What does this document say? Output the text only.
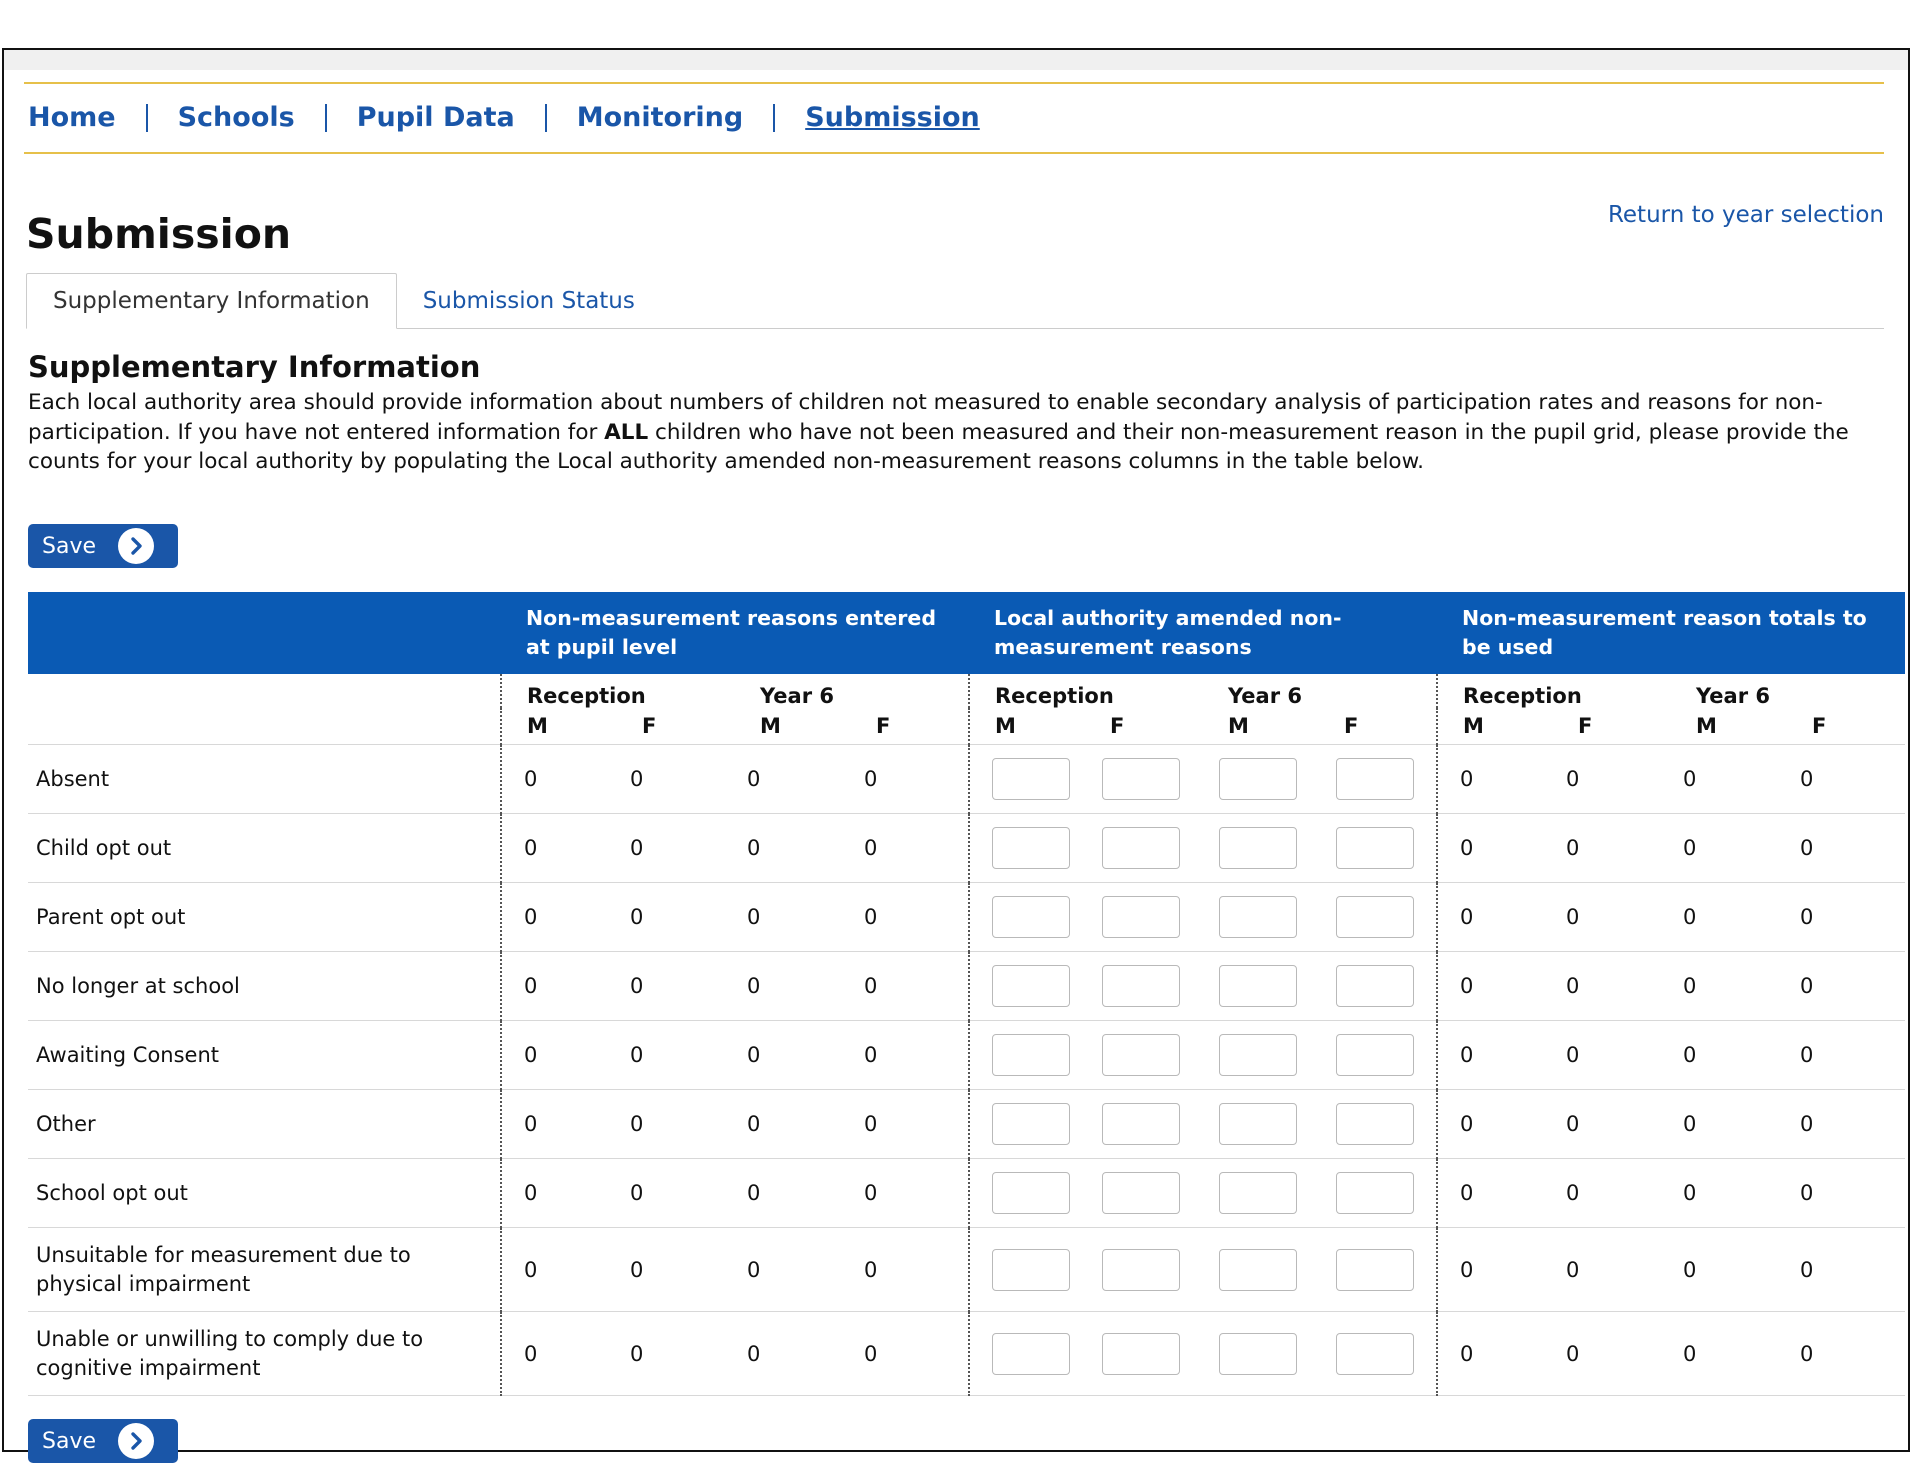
Home	Schools	Pupil Data	Monitoring	Submission
Return to year selection
Submission
Supplementary Information	Submission Status
Supplementary Information

Each local authority area should provide information about numbers of children not measured to enable secondary analysis of participation rates and reasons for non-participation. If you have not entered information for ALL children who have not been measured and their non-measurement reason in the pupil grid, please provide the counts for your local authority by populating the Local authority amended non-measurement reasons columns in the table below.

Save
	Non-measurement reasons entered at pupil level				Local authority amended non-measurement reasons				Non-measurement reason totals to be used			
	Reception		Year 6		Reception		Year 6		Reception		Year 6	
	M	F	M	F	M	F	M	F	M	F	M	F
Absent	0	0	0	0					0	0	0	0
Child opt out	0	0	0	0					0	0	0	0
Parent opt out	0	0	0	0					0	0	0	0
No longer at school	0	0	0	0					0	0	0	0
Awaiting Consent	0	0	0	0					0	0	0	0
Other	0	0	0	0					0	0	0	0
School opt out	0	0	0	0					0	0	0	0
Unsuitable for measurement due to physical impairment	0	0	0	0					0	0	0	0
Unable or unwilling to comply due to cognitive impairment	0	0	0	0					0	0	0	0
Save
